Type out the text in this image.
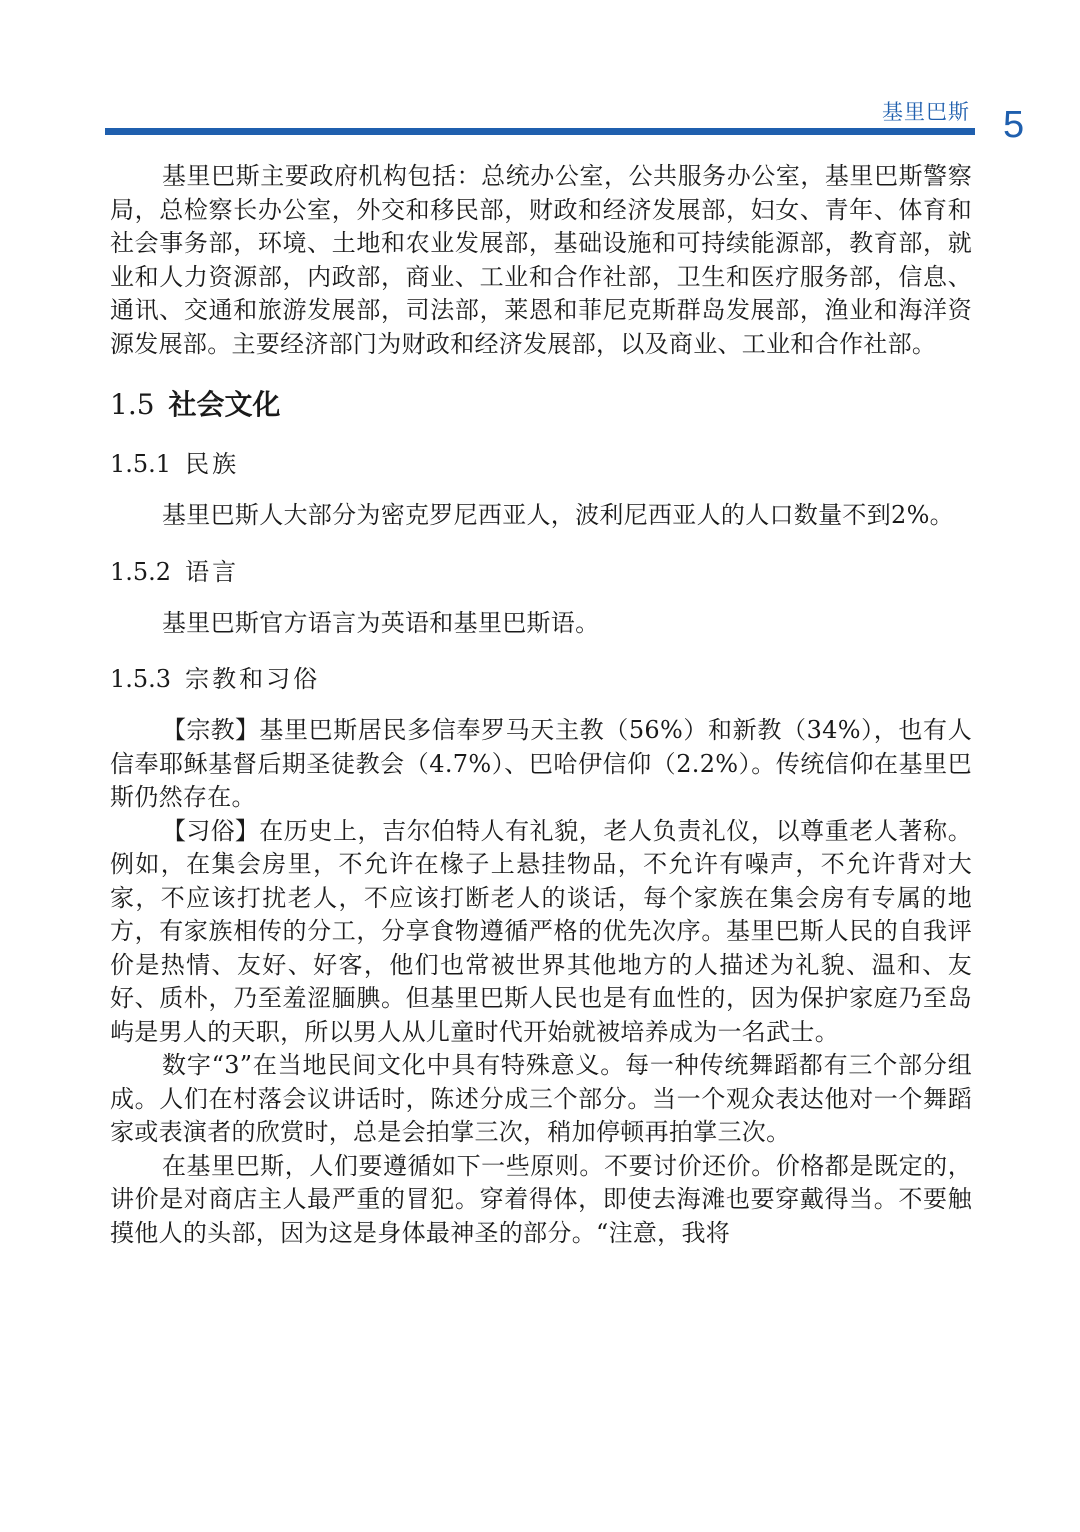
基里巴斯 5

基里巴斯主要政府机构包括：总统办公室，公共服务办公室，基里巴斯警察局，总检察长办公室，外交和移民部，财政和经济发展部，妇女、青年、体育和社会事务部，环境、土地和农业发展部，基础设施和可持续能源部，教育部，就业和人力资源部，内政部，商业、工业和合作社部，卫生和医疗服务部，信息、通讯、交通和旅游发展部，司法部，莱恩和菲尼克斯群岛发展部，渔业和海洋资源发展部。主要经济部门为财政和经济发展部，以及商业、工业和合作社部。

1.5 社会文化
1.5.1 民族

基里巴斯人大部分为密克罗尼西亚人，波利尼西亚人的人口数量不到2%。

1.5.2 语言

基里巴斯官方语言为英语和基里巴斯语。

1.5.3 宗教和习俗

【宗教】基里巴斯居民多信奉罗马天主教（56%）和新教（34%），也有人信奉耶稣基督后期圣徒教会（4.7%）、巴哈伊信仰（2.2%）。传统信仰在基里巴斯仍然存在。

【习俗】在历史上，吉尔伯特人有礼貌，老人负责礼仪，以尊重老人著称。例如，在集会房里，不允许在椽子上悬挂物品，不允许有噪声，不允许背对大家，不应该打扰老人，不应该打断老人的谈话，每个家族在集会房有专属的地方，有家族相传的分工，分享食物遵循严格的优先次序。基里巴斯人民的自我评价是热情、友好、好客，他们也常被世界其他地方的人描述为礼貌、温和、友好、质朴，乃至羞涩腼腆。但基里巴斯人民也是有血性的，因为保护家庭乃至岛屿是男人的天职，所以男人从儿童时代开始就被培养成为一名武士。

数字“3”在当地民间文化中具有特殊意义。每一种传统舞蹈都有三个部分组成。人们在村落会议讲话时，陈述分成三个部分。当一个观众表达他对一个舞蹈家或表演者的欣赏时，总是会拍掌三次，稍加停顿再拍掌三次。

在基里巴斯，人们要遵循如下一些原则。不要讨价还价。价格都是既定的，讲价是对商店主人最严重的冒犯。穿着得体，即使去海滩也要穿戴得当。不要触摸他人的头部，因为这是身体最神圣的部分。“注意，我将
